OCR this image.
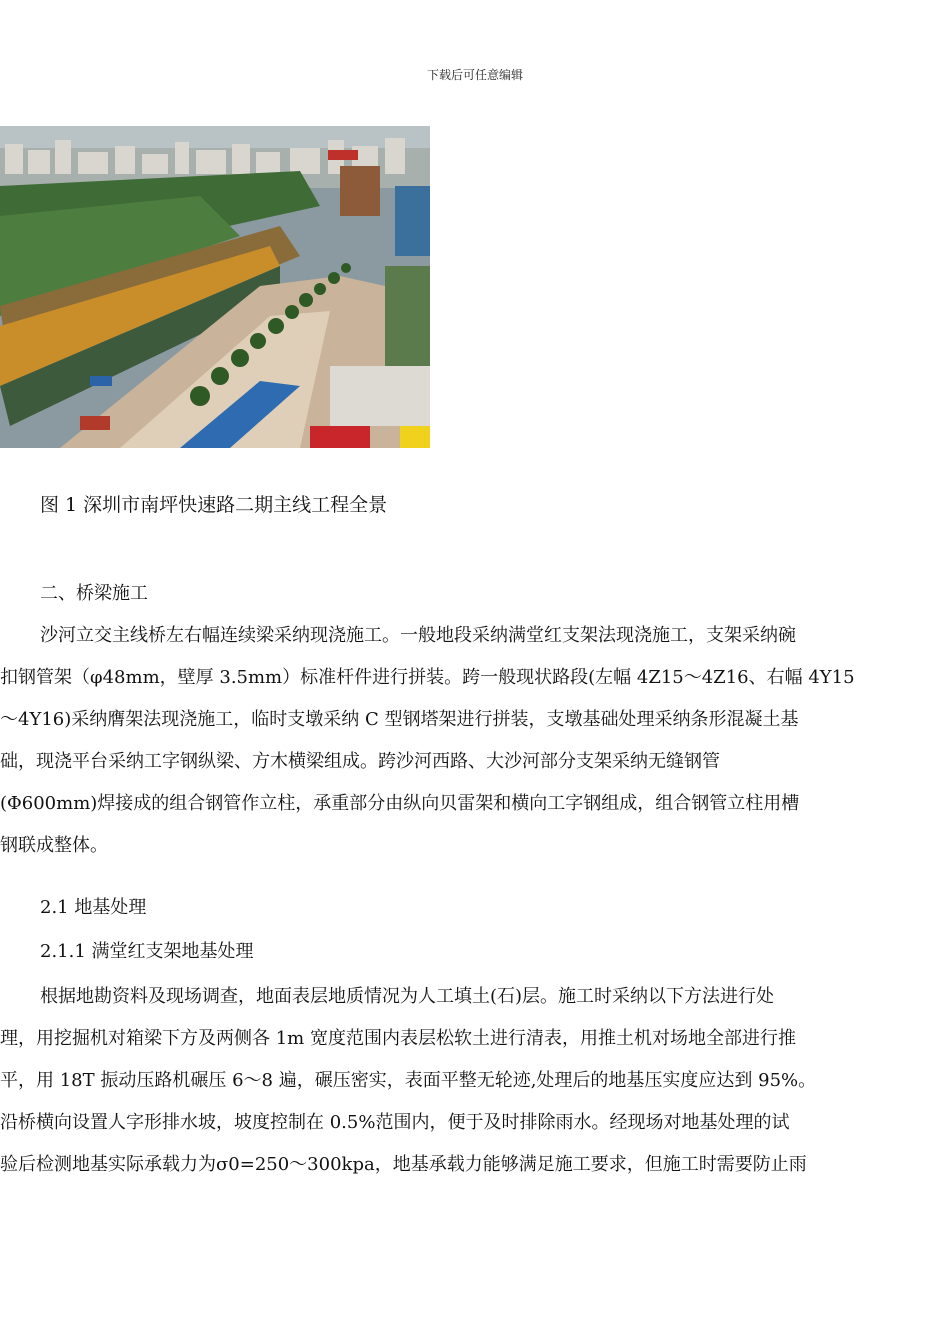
下载后可任意编辑
图 1 深圳市南坪快速路二期主线工程全景
二、桥梁施工
沙河立交主线桥左右幅连续梁采纳现浇施工。一般地段采纳满堂红支架法现浇施工，支架采纳碗
扣钢管架（φ48mm，壁厚 3.5mm）标准杆件进行拼装。跨一般现状路段(左幅 4Z15～4Z16、右幅 4Y15
～4Y16)采纳膺架法现浇施工，临时支墩采纳 C 型钢塔架进行拼装，支墩基础处理采纳条形混凝土基
础，现浇平台采纳工字钢纵梁、方木横梁组成。跨沙河西路、大沙河部分支架采纳无缝钢管
(Φ600mm)焊接成的组合钢管作立柱，承重部分由纵向贝雷架和横向工字钢组成，组合钢管立柱用槽
钢联成整体。
2.1 地基处理
2.1.1 满堂红支架地基处理
根据地勘资料及现场调查，地面表层地质情况为人工填土(石)层。施工时采纳以下方法进行处
理，用挖掘机对箱梁下方及两侧各 1m 宽度范围内表层松软土进行清表，用推土机对场地全部进行推
平，用 18T 振动压路机碾压 6～8 遍，碾压密实，表面平整无轮迹,处理后的地基压实度应达到 95%。
沿桥横向设置人字形排水坡，坡度控制在 0.5%范围内，便于及时排除雨水。经现场对地基处理的试
验后检测地基实际承载力为σ0=250～300kpa，地基承载力能够满足施工要求，但施工时需要防止雨
